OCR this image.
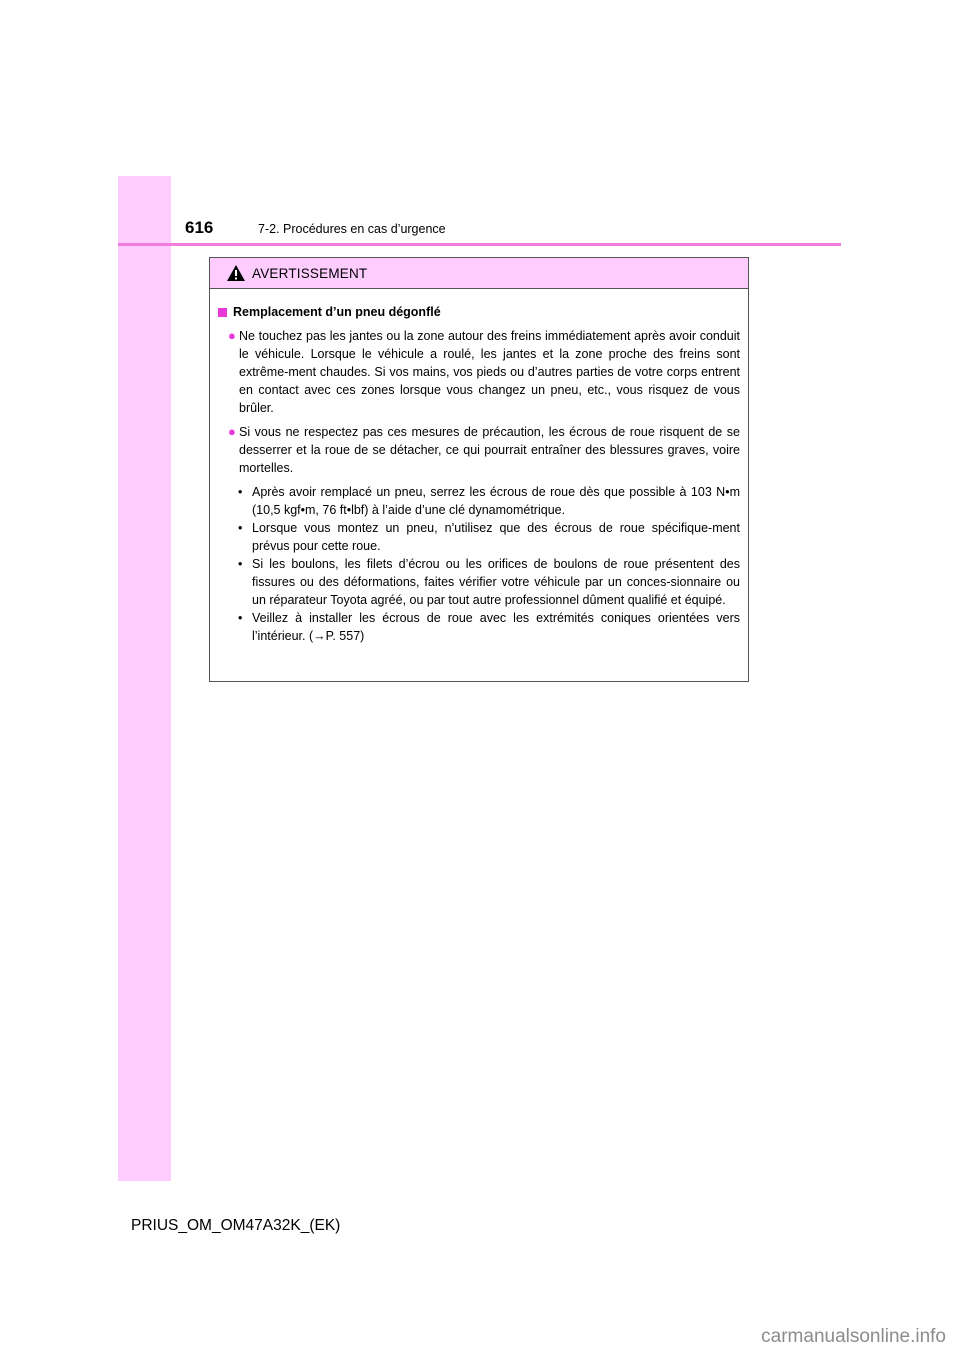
616	7-2. Procédures en cas d’urgence
AVERTISSEMENT
Remplacement d’un pneu dégonflé
● Ne touchez pas les jantes ou la zone autour des freins immédiatement après avoir conduit le véhicule. Lorsque le véhicule a roulé, les jantes et la zone proche des freins sont extrême-ment chaudes. Si vos mains, vos pieds ou d’autres parties de votre corps entrent en contact avec ces zones lorsque vous changez un pneu, etc., vous risquez de vous brûler.
● Si vous ne respectez pas ces mesures de précaution, les écrous de roue risquent de se desserrer et la roue de se détacher, ce qui pourrait entraîner des blessures graves, voire mortelles.
• Après avoir remplacé un pneu, serrez les écrous de roue dès que possible à 103 N•m (10,5 kgf•m, 76 ft•lbf) à l’aide d’une clé dynamométrique.
• Lorsque vous montez un pneu, n’utilisez que des écrous de roue spécifique-ment prévus pour cette roue.
• Si les boulons, les filets d’écrou ou les orifices de boulons de roue présentent des fissures ou des déformations, faites vérifier votre véhicule par un conces-sionnaire ou un réparateur Toyota agréé, ou par tout autre professionnel dûment qualifié et équipé.
• Veillez à installer les écrous de roue avec les extrémités coniques orientées vers l’intérieur. (→P. 557)
PRIUS_OM_OM47A32K_(EK)
carmanualsonline.info
